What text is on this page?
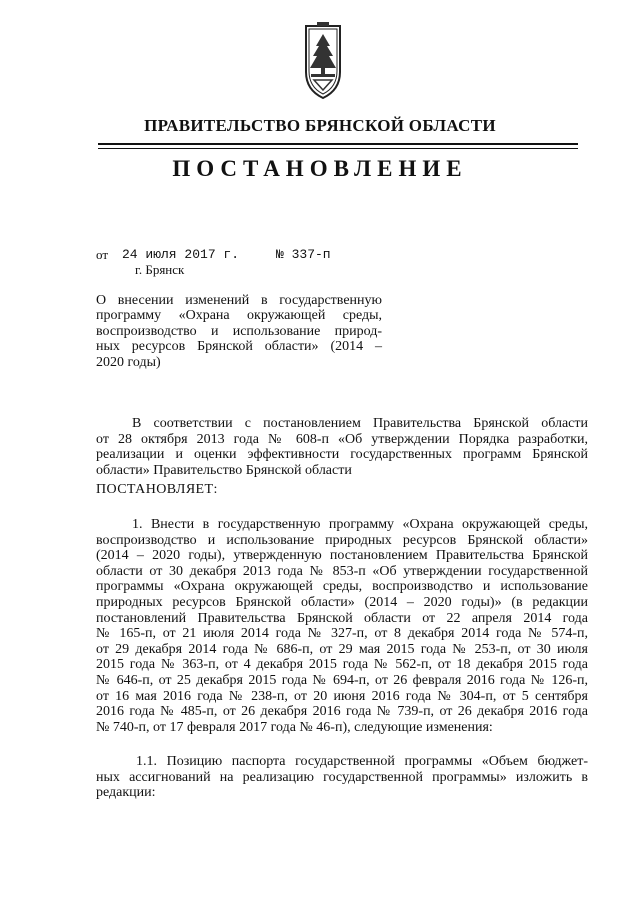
ПРАВИТЕЛЬСТВО БРЯНСКОЙ ОБЛАСТИ
ПОСТАНОВЛЕНИЕ
от 24 июля 2017 г.	№ 337-п
г. Брянск
О внесении изменений в государственную
программу «Охрана окружающей среды,
воспроизводство и использование природ-
ных ресурсов Брянской области» (2014 –
2020 годы)
В соответствии с постановлением Правительства Брянской области
от 28 октября 2013 года № 608-п «Об утверждении Порядка разработки,
реализации и оценки эффективности государственных программ Брянской
области» Правительство Брянской области
ПОСТАНОВЛЯЕТ:
1. Внести в государственную программу «Охрана окружающей среды,
воспроизводство и использование природных ресурсов Брянской области»
(2014 – 2020 годы), утвержденную постановлением Правительства Брянской
области от 30 декабря 2013 года № 853-п «Об утверждении государственной
программы «Охрана окружающей среды, воспроизводство и использование
природных ресурсов Брянской области» (2014 – 2020 годы)» (в редакции
постановлений Правительства Брянской области от 22 апреля 2014 года
№ 165-п, от 21 июля 2014 года № 327-п, от 8 декабря 2014 года № 574-п,
от 29 декабря 2014 года № 686-п, от 29 мая 2015 года № 253-п, от 30 июля
2015 года № 363-п, от 4 декабря 2015 года № 562-п, от 18 декабря 2015 года
№ 646-п, от 25 декабря 2015 года № 694-п, от 26 февраля 2016 года № 126-п,
от 16 мая 2016 года № 238-п, от 20 июня 2016 года № 304-п, от 5 сентября
2016 года № 485-п, от 26 декабря 2016 года № 739-п, от 26 декабря 2016 года
№ 740-п, от 17 февраля 2017 года № 46-п), следующие изменения:
1.1. Позицию паспорта государственной программы «Объем бюджет-
ных ассигнований на реализацию государственной программы» изложить в
редакции:
